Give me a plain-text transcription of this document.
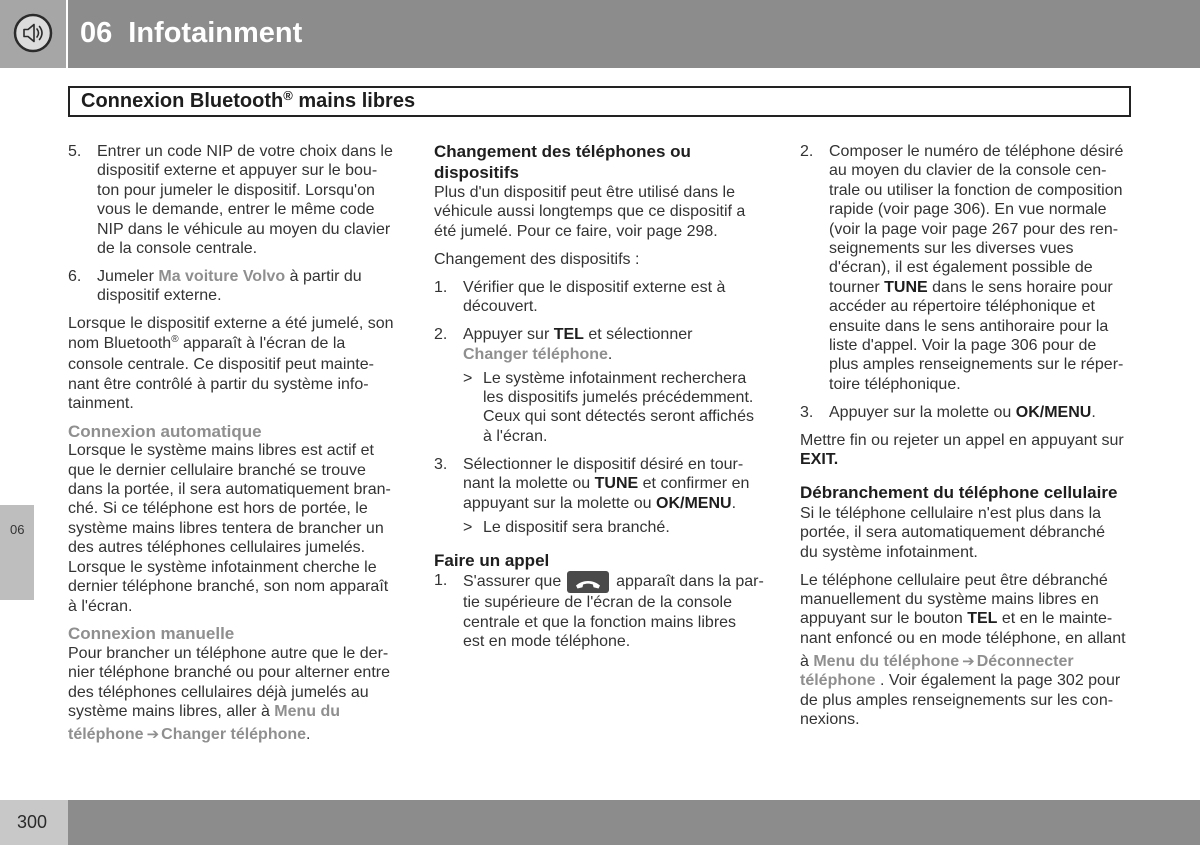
06 Infotainment
Connexion Bluetooth® mains libres
06
5. Entrer un code NIP de votre choix dans le
dispositif externe et appuyer sur le bou-
ton pour jumeler le dispositif. Lorsqu'on
vous le demande, entrer le même code
NIP dans le véhicule au moyen du clavier
de la console centrale.
6. Jumeler Ma voiture Volvo à partir du
dispositif externe.
Lorsque le dispositif externe a été jumelé, son
nom Bluetooth® apparaît à l'écran de la
console centrale. Ce dispositif peut mainte-
nant être contrôlé à partir du système info-
tainment.
Connexion automatique
Lorsque le système mains libres est actif et
que le dernier cellulaire branché se trouve
dans la portée, il sera automatiquement bran-
ché. Si ce téléphone est hors de portée, le
système mains libres tentera de brancher un
des autres téléphones cellulaires jumelés.
Lorsque le système infotainment cherche le
dernier téléphone branché, son nom apparaît
à l'écran.
Connexion manuelle
Pour brancher un téléphone autre que le der-
nier téléphone branché ou pour alterner entre
des téléphones cellulaires déjà jumelés au
système mains libres, aller à Menu du
téléphone ➔ Changer téléphone.
Changement des téléphones ou
dispositifs
Plus d'un dispositif peut être utilisé dans le
véhicule aussi longtemps que ce dispositif a
été jumelé. Pour ce faire, voir page 298.
Changement des dispositifs :
1. Vérifier que le dispositif externe est à
découvert.
2. Appuyer sur TEL et sélectionner
Changer téléphone.
> Le système infotainment recherchera
les dispositifs jumelés précédemment.
Ceux qui sont détectés seront affichés
à l'écran.
3. Sélectionner le dispositif désiré en tour-
nant la molette ou TUNE et confirmer en
appuyant sur la molette ou OK/MENU.
> Le dispositif sera branché.
Faire un appel
1. S'assurer que	apparaît dans la par-
tie supérieure de l'écran de la console
centrale et que la fonction mains libres
est en mode téléphone.
2. Composer le numéro de téléphone désiré
au moyen du clavier de la console cen-
trale ou utiliser la fonction de composition
rapide (voir page 306). En vue normale
(voir la page voir page 267 pour des ren-
seignements sur les diverses vues
d'écran), il est également possible de
tourner TUNE dans le sens horaire pour
accéder au répertoire téléphonique et
ensuite dans le sens antihoraire pour la
liste d'appel. Voir la page 306 pour de
plus amples renseignements sur le réper-
toire téléphonique.
3. Appuyer sur la molette ou OK/MENU.
Mettre fin ou rejeter un appel en appuyant sur
EXIT.
Débranchement du téléphone cellulaire
Si le téléphone cellulaire n'est plus dans la
portée, il sera automatiquement débranché
du système infotainment.
Le téléphone cellulaire peut être débranché
manuellement du système mains libres en
appuyant sur le bouton TEL et en le mainte-
nant enfoncé ou en mode téléphone, en allant
à Menu du téléphone ➔ Déconnecter
téléphone . Voir également la page 302 pour
de plus amples renseignements sur les con-
nexions.
300
